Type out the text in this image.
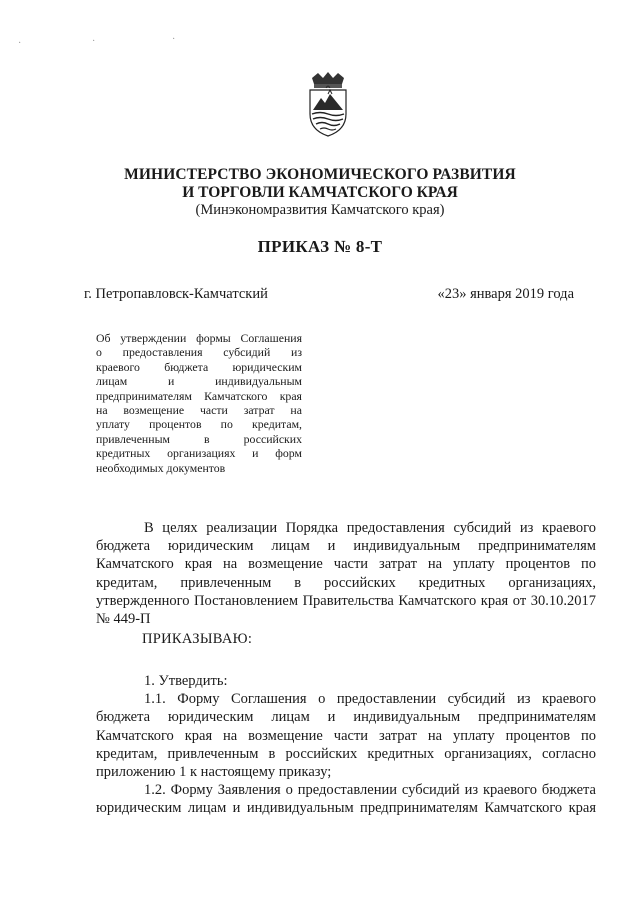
·	·	·
МИНИСТЕРСТВО ЭКОНОМИЧЕСКОГО РАЗВИТИЯ
И ТОРГОВЛИ КАМЧАТСКОГО КРАЯ
(Минэкономразвития Камчатского края)
ПРИКАЗ № 8-Т
г. Петропавловск-Камчатский	«23» января 2019 года
Об утверждении формы Соглашения
о предоставления субсидий из
краевого бюджета юридическим
лицам и индивидуальным
предпринимателям Камчатского края
на возмещение части затрат на
уплату процентов по кредитам,
привлеченным в российских
кредитных организациях и форм
необходимых документов
В целях реализации Порядка предоставления субсидий из краевого
бюджета юридическим лицам и индивидуальным предпринимателям
Камчатского края на возмещение части затрат на уплату процентов по
кредитам, привлеченным в российских кредитных организациях,
утвержденного Постановлением Правительства Камчатского края от 30.10.2017
№ 449-П
ПРИКАЗЫВАЮ:
1. Утвердить:
1.1. Форму Соглашения о предоставлении субсидий из краевого
бюджета юридическим лицам и индивидуальным предпринимателям
Камчатского края на возмещение части затрат на уплату процентов по
кредитам, привлеченным в российских кредитных организациях, согласно
приложению 1 к настоящему приказу;
1.2. Форму Заявления о предоставлении субсидий из краевого бюджета
юридическим лицам и индивидуальным предпринимателям Камчатского края
